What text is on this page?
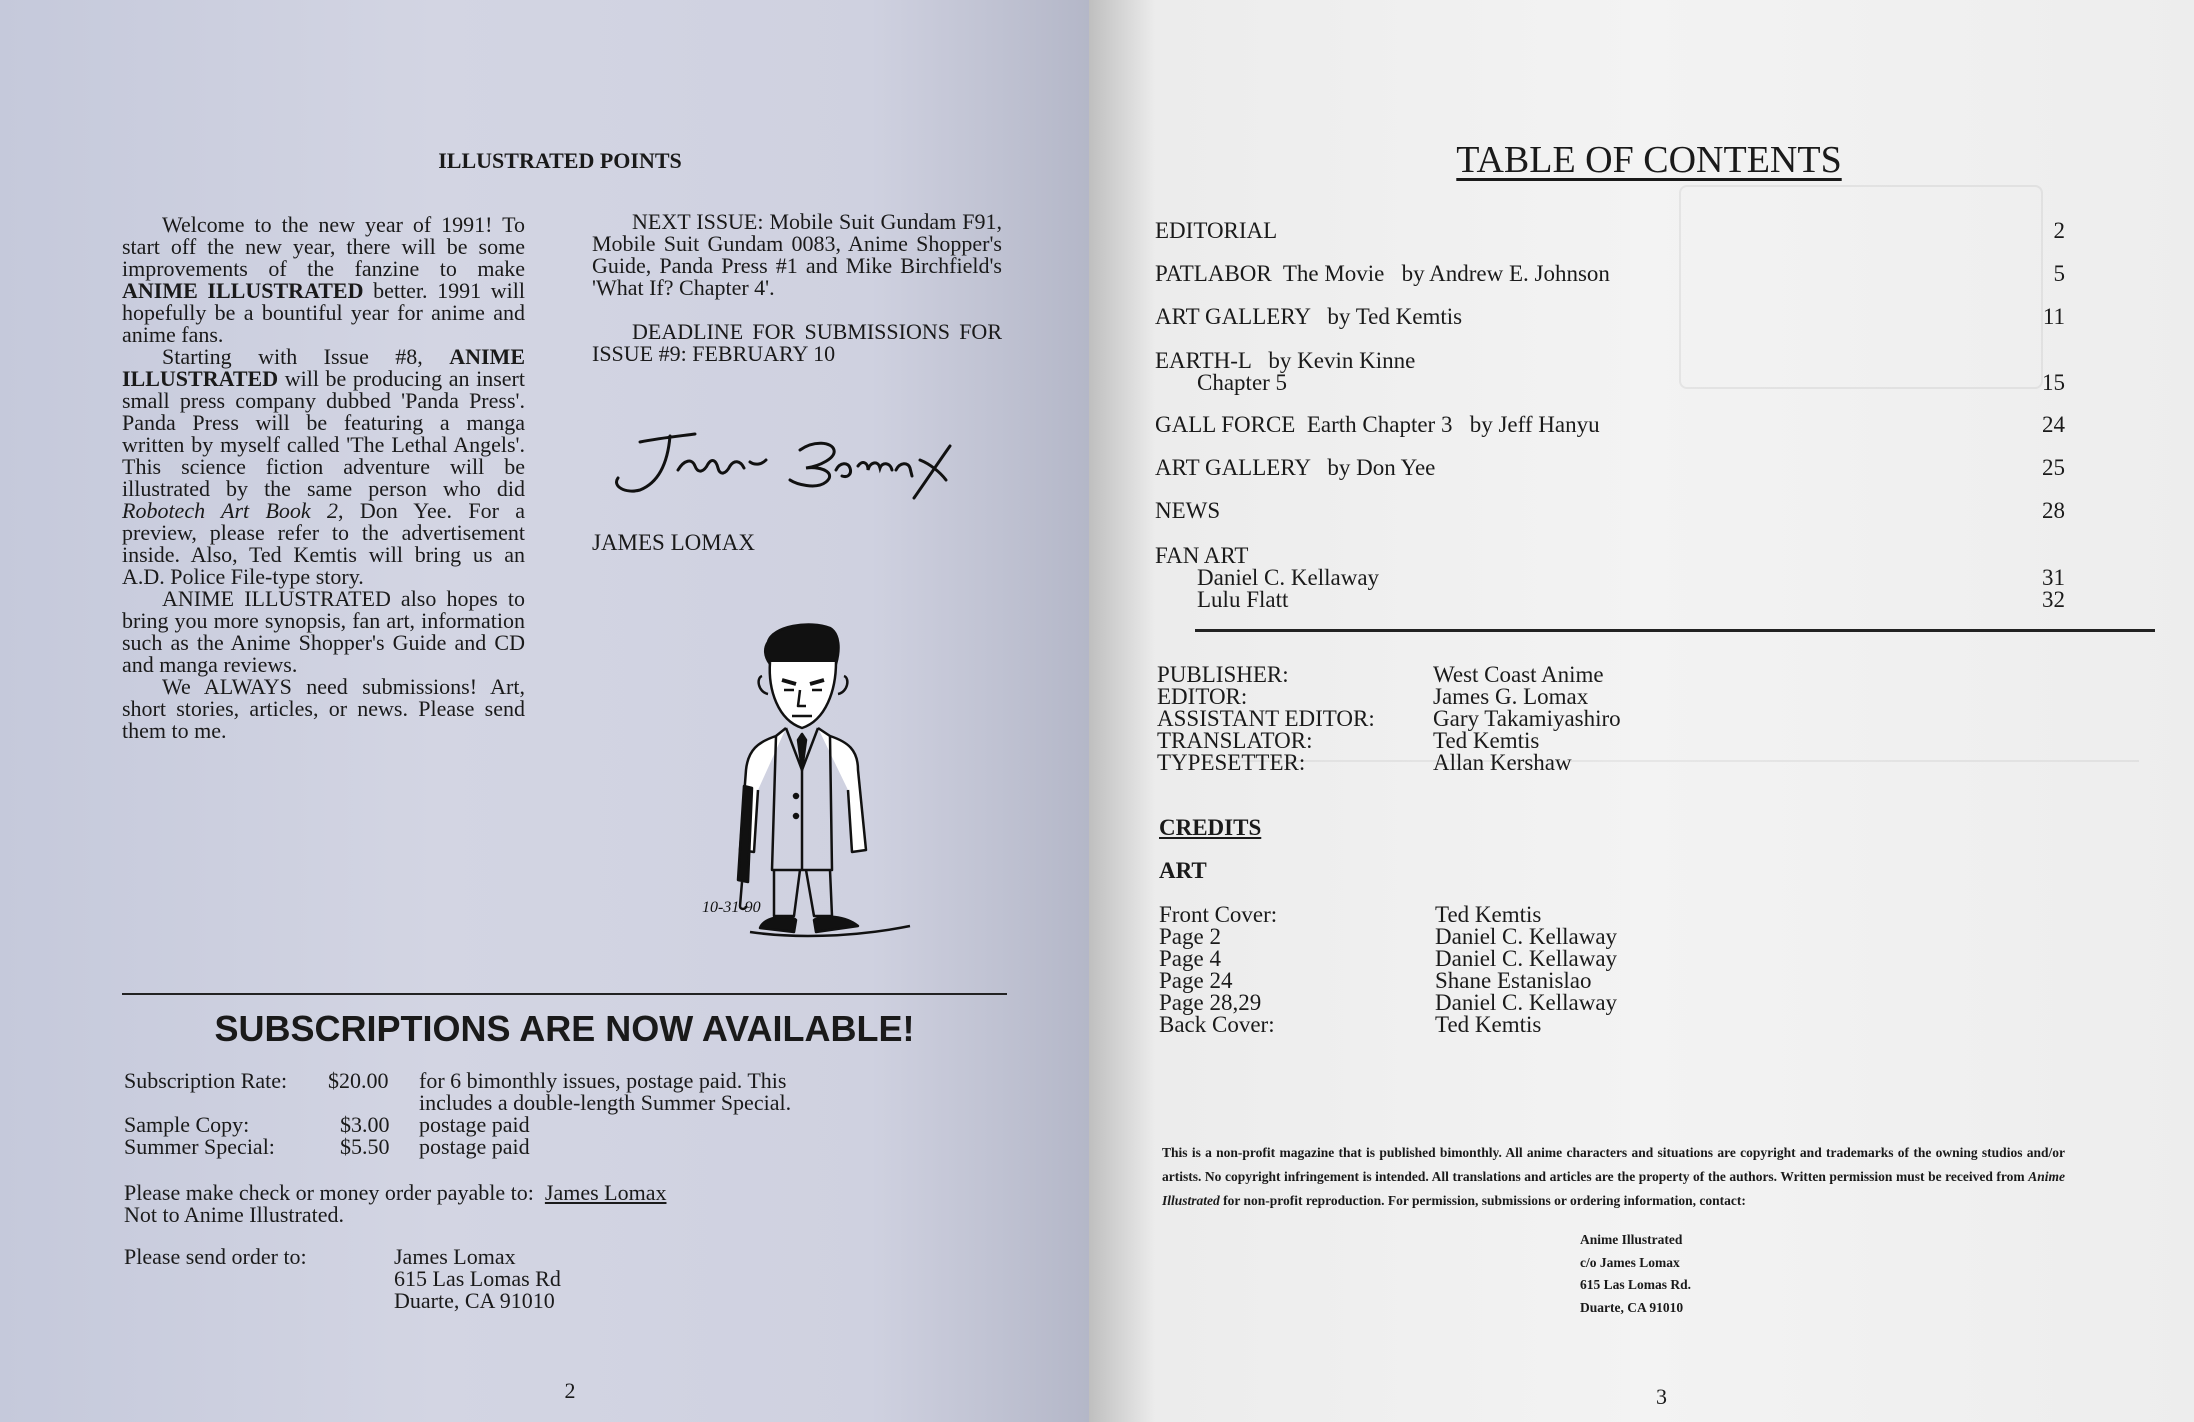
ILLUSTRATED POINTS

Welcome to the new year of 1991! To start off the new year, there will be some improvements of the fanzine to make ANIME ILLUSTRATED better. 1991 will hopefully be a bountiful year for anime and anime fans.

Starting with Issue #8, ANIME ILLUSTRATED will be producing an insert small press company dubbed 'Panda Press'. Panda Press will be featuring a manga written by myself called 'The Lethal Angels'. This science fiction adventure will be illustrated by the same person who did Robotech Art Book 2, Don Yee. For a preview, please refer to the advertisement inside. Also, Ted Kemtis will bring us an A.D. Police File-type story.

ANIME ILLUSTRATED also hopes to bring you more synopsis, fan art, information such as the Anime Shopper's Guide and CD and manga reviews.

We ALWAYS need submissions! Art, short stories, articles, or news. Please send them to me.

NEXT ISSUE: Mobile Suit Gundam F91, Mobile Suit Gundam 0083, Anime Shopper's Guide, Panda Press #1 and Mike Birchfield's 'What If? Chapter 4'.

DEADLINE FOR SUBMISSIONS FOR ISSUE #9: FEBRUARY 10

JAMES LOMAX
10-31-90
SUBSCRIPTIONS ARE NOW AVAILABLE!
Subscription Rate: $20.00 for 6 bimonthly issues, postage paid. This
includes a double-length Summer Special.
Sample Copy:	$3.00 postage paid
Summer Special:	$5.50 postage paid
Please make check or money order payable to: James Lomax
Not to Anime Illustrated.
Please send order to:	James Lomax
615 Las Lomas Rd
Duarte, CA 91010
2

TABLE OF CONTENTS
EDITORIAL	2
PATLABOR  The Movie   by Andrew E. Johnson	5
ART GALLERY   by Ted Kemtis	11
EARTH-L   by Kevin Kinne
Chapter 5	15
GALL FORCE  Earth Chapter 3   by Jeff Hanyu	24
ART GALLERY   by Don Yee	25
NEWS	28
FAN ART
Daniel C. Kellaway	31
Lulu Flatt	32
PUBLISHER:	West Coast Anime
EDITOR:	James G. Lomax
ASSISTANT EDITOR:	Gary Takamiyashiro
TRANSLATOR:	Ted Kemtis
TYPESETTER:	Allan Kershaw
CREDITS
ART
Front Cover:	Ted Kemtis
Page 2	Daniel C. Kellaway
Page 4	Daniel C. Kellaway
Page 24	Shane Estanislao
Page 28,29	Daniel C. Kellaway
Back Cover:	Ted Kemtis
This is a non-profit magazine that is published bimonthly. All anime characters and situations are copyright and trademarks of the owning studios and/or artists. No copyright infringement is intended. All translations and articles are the property of the authors. Written permission must be received from Anime Illustrated for non-profit reproduction. For permission, submissions or ordering information, contact:
Anime Illustrated
c/o James Lomax
615 Las Lomas Rd.
Duarte, CA 91010
3
